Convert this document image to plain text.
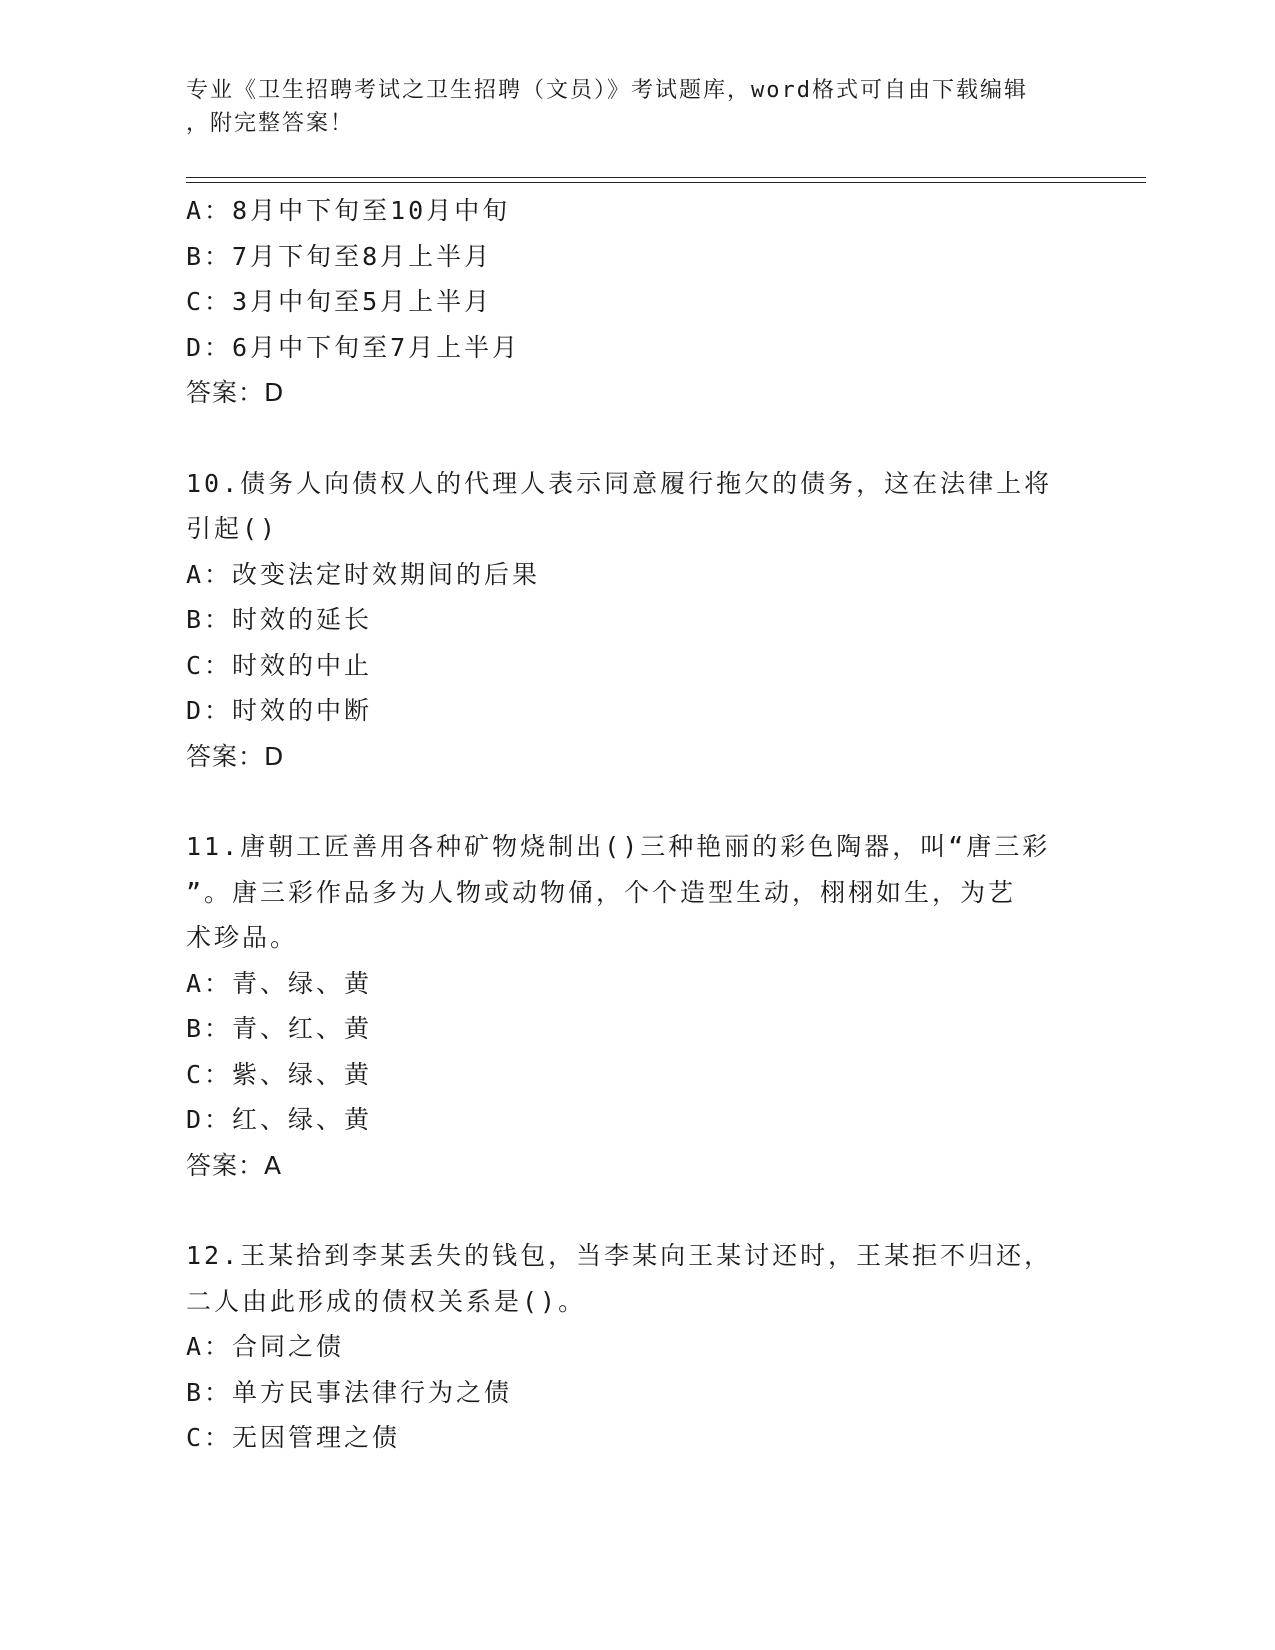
专业《卫生招聘考试之卫生招聘（文员）》考试题库，word格式可自由下载编辑
，附完整答案！
A：8月中下旬至10月中旬
B：7月下旬至8月上半月
C：3月中旬至5月上半月
D：6月中下旬至7月上半月
答案：D
10.债务人向债权人的代理人表示同意履行拖欠的债务，这在法律上将
引起()
A：改变法定时效期间的后果
B：时效的延长
C：时效的中止
D：时效的中断
答案：D
11.唐朝工匠善用各种矿物烧制出()三种艳丽的彩色陶器，叫“唐三彩
”。唐三彩作品多为人物或动物俑，个个造型生动，栩栩如生，为艺
术珍品。
A：青、绿、黄
B：青、红、黄
C：紫、绿、黄
D：红、绿、黄
答案：A
12.王某拾到李某丢失的钱包，当李某向王某讨还时，王某拒不归还，
二人由此形成的债权关系是()。
A：合同之债
B：单方民事法律行为之债
C：无因管理之债
